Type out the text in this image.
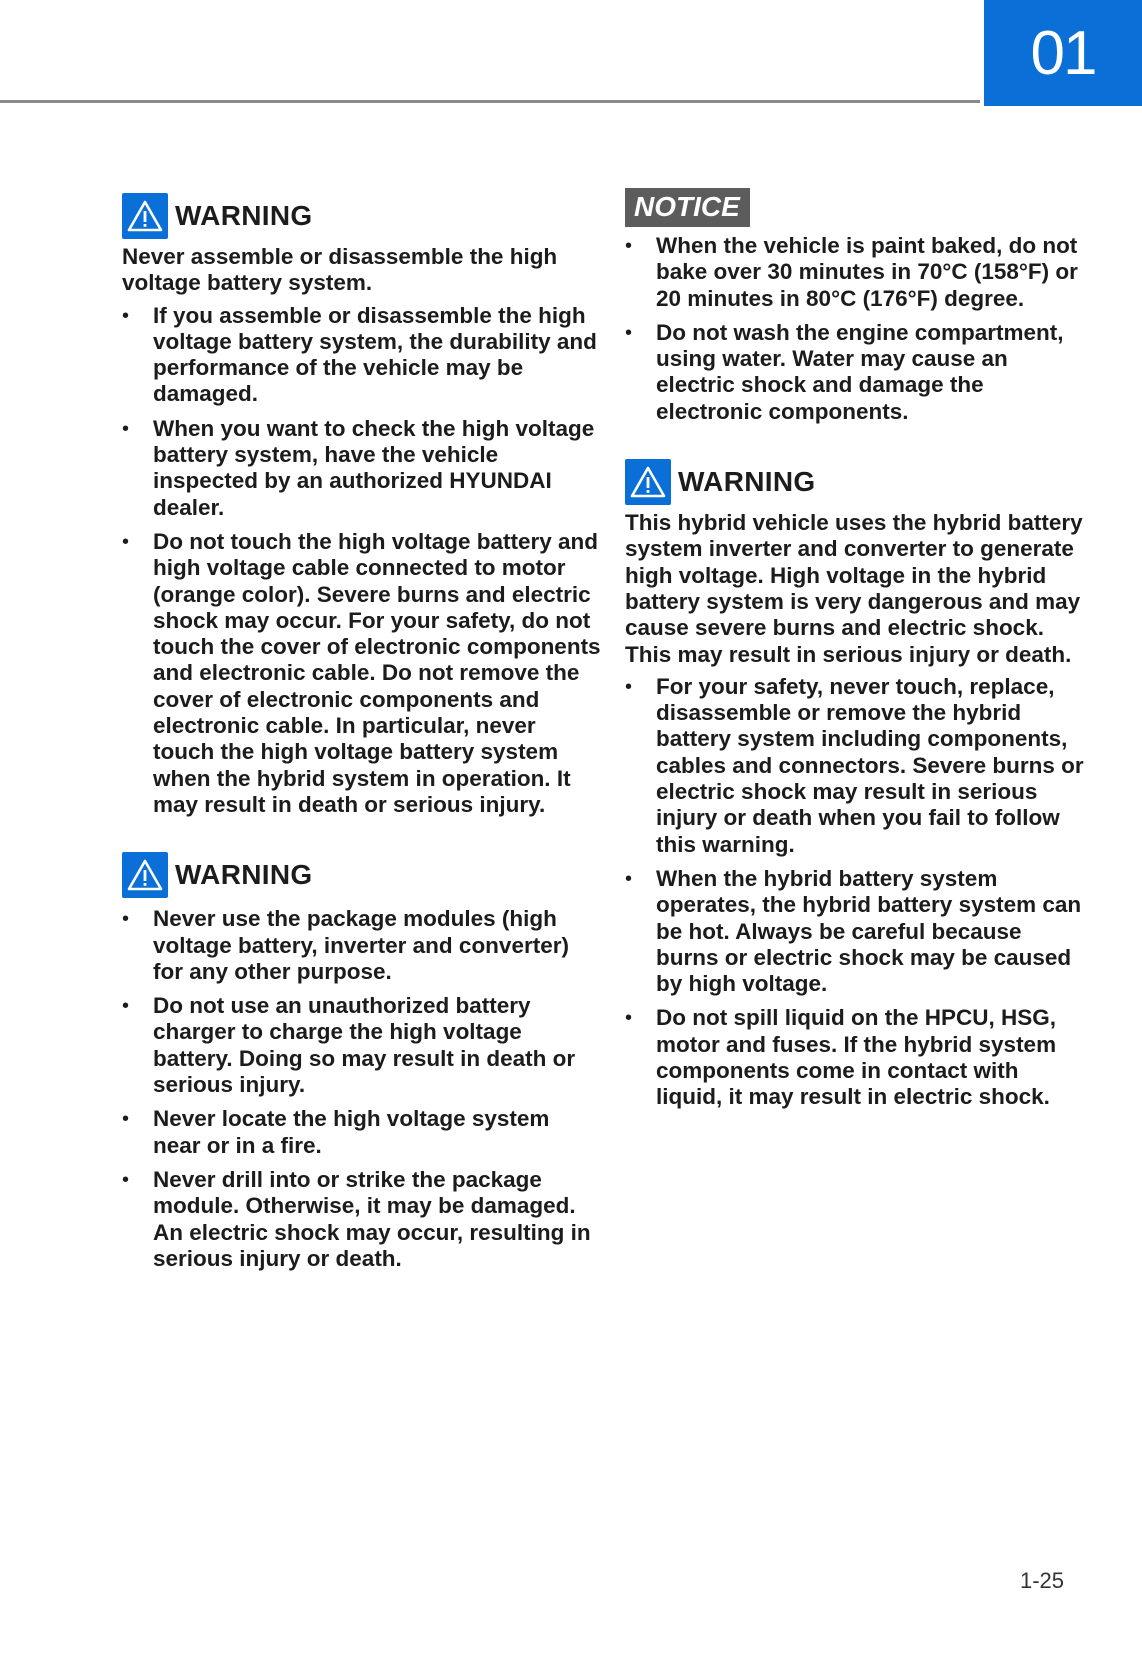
01
WARNING

Never assemble or disassemble the high voltage battery system.

• If you assemble or disassemble the high voltage battery system, the durability and performance of the vehicle may be damaged.
• When you want to check the high voltage battery system, have the vehicle inspected by an authorized HYUNDAI dealer.
• Do not touch the high voltage battery and high voltage cable connected to motor (orange color). Severe burns and electric shock may occur. For your safety, do not touch the cover of electronic components and electronic cable. Do not remove the cover of electronic components and electronic cable. In particular, never touch the high voltage battery system when the hybrid system in operation. It may result in death or serious injury.
WARNING
• Never use the package modules (high voltage battery, inverter and converter) for any other purpose.
• Do not use an unauthorized battery charger to charge the high voltage battery. Doing so may result in death or serious injury.
• Never locate the high voltage system near or in a fire.
• Never drill into or strike the package module. Otherwise, it may be damaged. An electric shock may occur, resulting in serious injury or death.
NOTICE
• When the vehicle is paint baked, do not bake over 30 minutes in 70°C (158°F) or 20 minutes in 80°C (176°F) degree.
• Do not wash the engine compartment, using water. Water may cause an electric shock and damage the electronic components.
WARNING

This hybrid vehicle uses the hybrid battery system inverter and converter to generate high voltage. High voltage in the hybrid battery system is very dangerous and may cause severe burns and electric shock. This may result in serious injury or death.

• For your safety, never touch, replace, disassemble or remove the hybrid battery system including components, cables and connectors. Severe burns or electric shock may result in serious injury or death when you fail to follow this warning.
• When the hybrid battery system operates, the hybrid battery system can be hot. Always be careful because burns or electric shock may be caused by high voltage.
• Do not spill liquid on the HPCU, HSG, motor and fuses. If the hybrid system components come in contact with liquid, it may result in electric shock.
1-25
